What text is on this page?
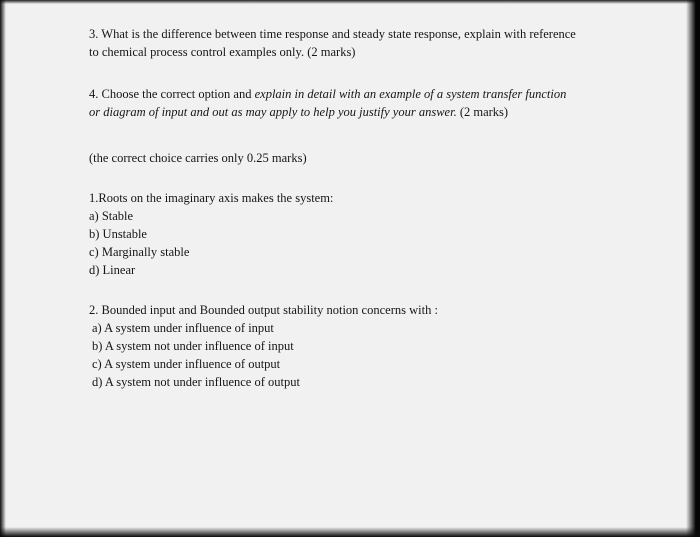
3. What is the difference between time response and steady state response, explain with reference
to chemical process control examples only. (2 marks)
4. Choose the correct option and explain in detail with an example of a system transfer function
or diagram of input and out as may apply to help you justify your answer. (2 marks)
(the correct choice carries only 0.25 marks)
1.Roots on the imaginary axis makes the system:
a) Stable
b) Unstable
c) Marginally stable
d) Linear
2. Bounded input and Bounded output stability notion concerns with :
a) A system under influence of input
b) A system not under influence of input
c) A system under influence of output
d) A system not under influence of output
